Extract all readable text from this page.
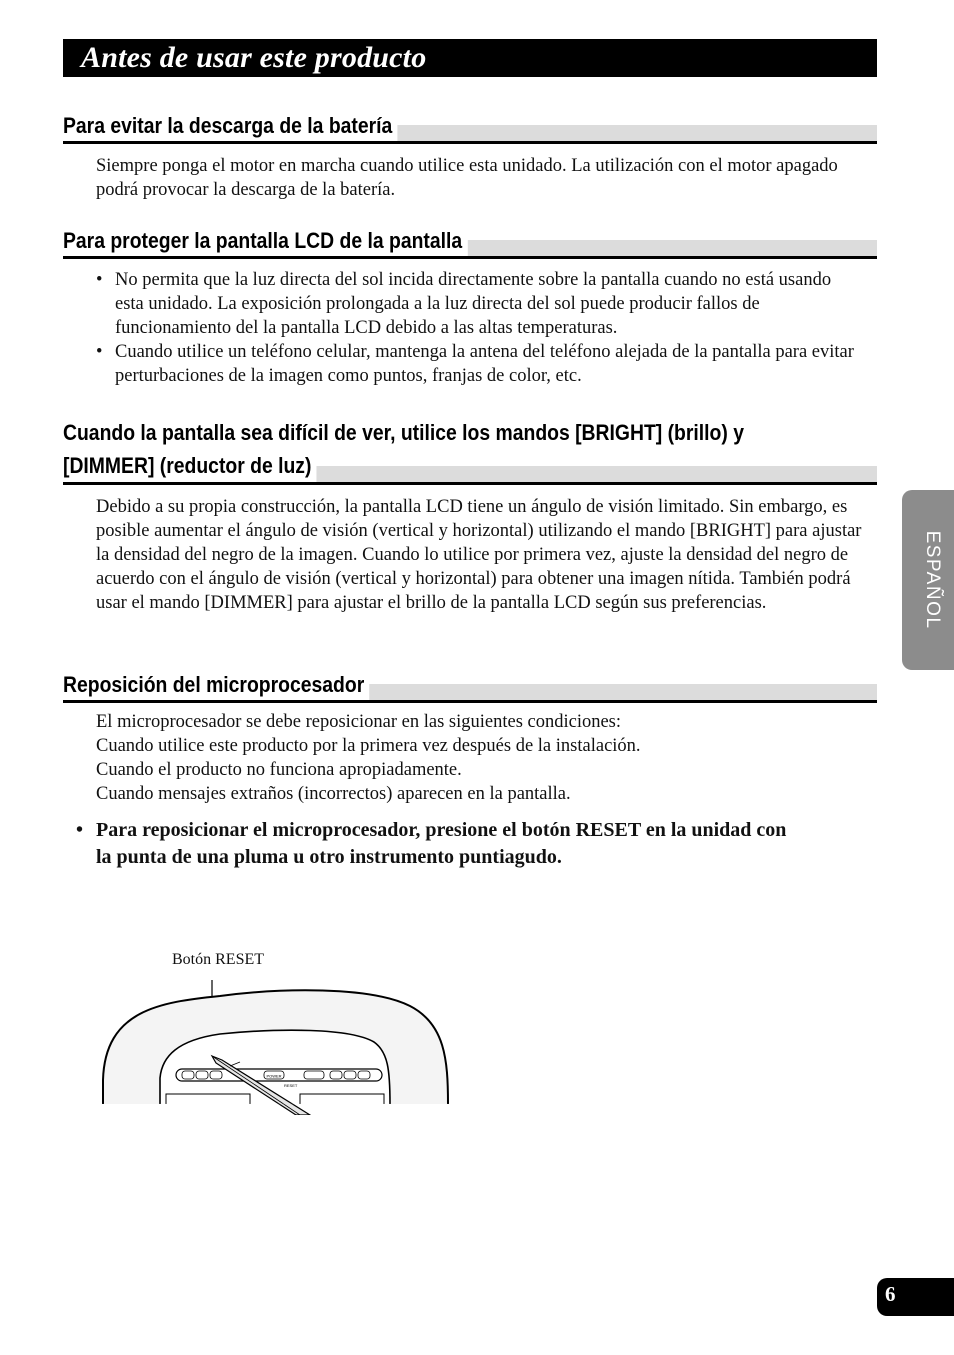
Antes de usar este producto
Para evitar la descarga de la batería

Siempre ponga el motor en marcha cuando utilice esta unidado. La utilización con el motor apagado podrá provocar la descarga de la batería.

Para proteger la pantalla LCD de la pantalla
• No permita que la luz directa del sol incida directamente sobre la pantalla cuando no está usando esta unidado. La exposición prolongada a la luz directa del sol puede producir fallos de funcionamiento del la pantalla LCD debido a las altas temperaturas.
• Cuando utilice un teléfono celular, mantenga la antena del teléfono alejada de la pantalla para evitar perturbaciones de la imagen como puntos, franjas de color, etc.
Cuando la pantalla sea difícil de ver, utilice los mandos [BRIGHT] (brillo) y
[DIMMER] (reductor de luz)

Debido a su propia construcción, la pantalla LCD tiene un ángulo de visión limitado. Sin embargo, es posible aumentar el ángulo de visión (vertical y horizontal) utilizando el mando [BRIGHT] para ajustar la densidad del negro de la imagen. Cuando lo utilice por primera vez, ajuste la densidad del negro de acuerdo con el ángulo de visión (vertical y horizontal) para obtener una imagen nítida. También podrá usar el mando [DIMMER] para ajustar el brillo de la pantalla LCD según sus preferencias.

Reposición del microprocesador

El microprocesador se debe reposicionar en las siguientes condiciones:

Cuando utilice este producto por la primera vez después de la instalación.

Cuando el producto no funciona apropiadamente.

Cuando mensajes extraños (incorrectos) aparecen en la pantalla.

• Para reposicionar el microprocesador, presione el botón RESET en la unidad con la punta de una pluma u otro instrumento puntiagudo.
Botón RESET
POWER
RESET
ESPAÑOL
6
